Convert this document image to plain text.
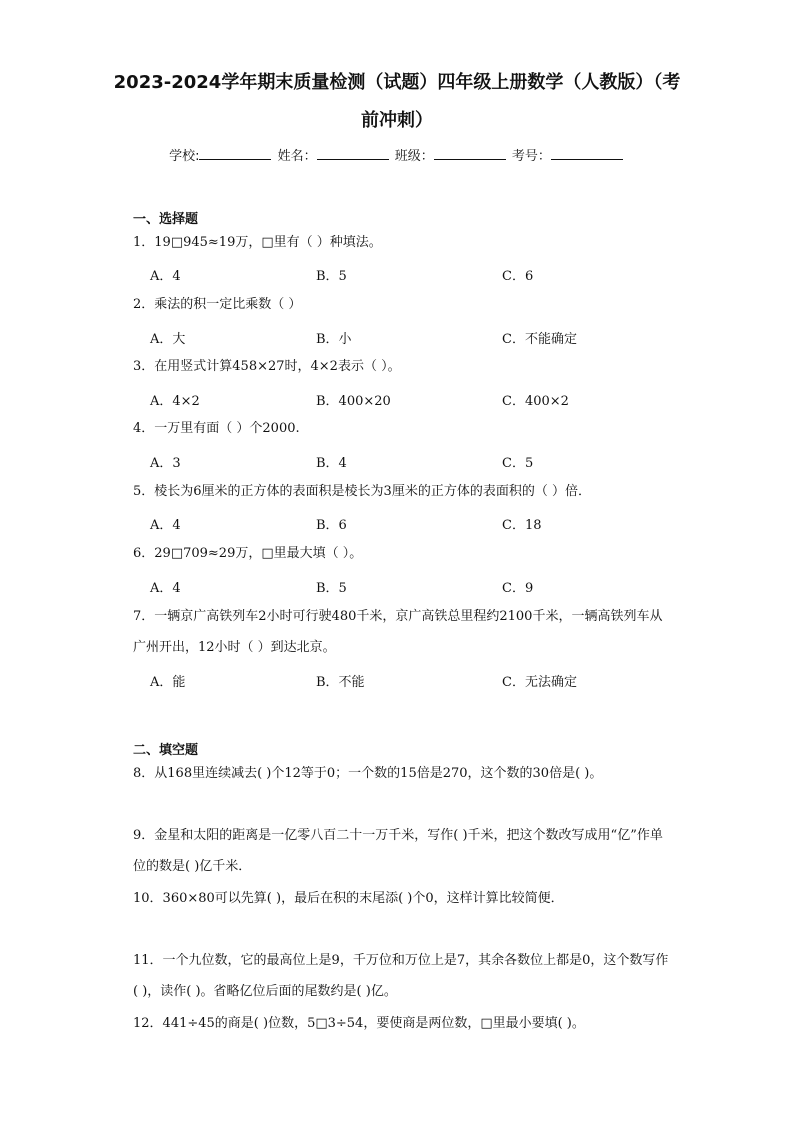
2023-2024学年期末质量检测（试题）四年级上册数学（人教版）（考前冲刺）
学校:	姓名：	班级：	考号：
一、选择题
1．19□945≈19万，□里有（ ）种填法。
A．4	B．5	C．6
2．乘法的积一定比乘数（ ）
A．大	B．小	C．不能确定
3．在用竖式计算458×27时，4×2表示（ ）。
A．4×2	B．400×20	C．400×2
4．一万里有面（ ）个2000.
A．3	B．4	C．5
5．棱长为6厘米的正方体的表面积是棱长为3厘米的正方体的表面积的（ ）倍．
A．4	B．6	C．18
6．29□709≈29万，□里最大填（ ）。
A．4	B．5	C．9
7．一辆京广高铁列车2小时可行驶480千米，京广高铁总里程约2100千米，一辆高铁列车从广州开出，12小时（ ）到达北京。
A．能	B．不能	C．无法确定
二、填空题
8．从168里连续减去( )个12等于0；一个数的15倍是270，这个数的30倍是( )。
9．金星和太阳的距离是一亿零八百二十一万千米，写作( )千米，把这个数改写成用“亿”作单位的数是( )亿千米．
10．360×80可以先算( )，最后在积的末尾添( )个0，这样计算比较简便．
11．一个九位数，它的最高位上是9，千万位和万位上是7，其余各数位上都是0，这个数写作( )，读作( )。省略亿位后面的尾数约是( )亿。
12．441÷45的商是( )位数，5□3÷54，要使商是两位数，□里最小要填( )。
